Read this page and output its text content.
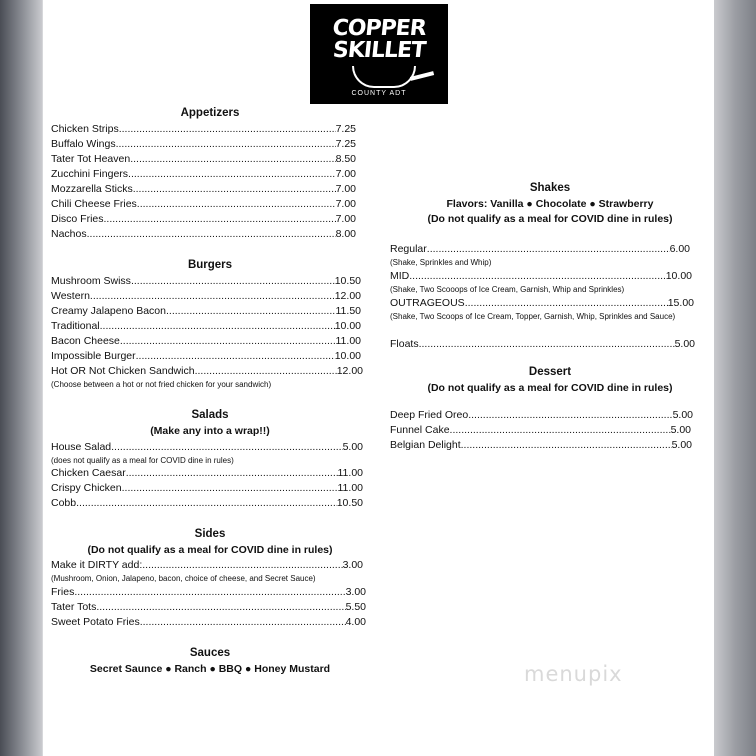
COPPER
SKILLET
COUNTY ADT
Appetizers
Chicken Strips .....	7.25
Buffalo Wings .....	7.25
Tater Tot Heaven .....	8.50
Zucchini Fingers .....	7.00
Mozzarella Sticks .....	7.00
Chili Cheese Fries .....	7.00
Disco Fries .....	7.00
Nachos .....	8.00
Burgers
Mushroom Swiss .....	10.50
Western .....	12.00
Creamy Jalapeno Bacon .....	11.50
Traditional .....	10.00
Bacon Cheese .....	11.00
Impossible Burger .....	10.00
Hot OR Not Chicken Sandwich .....	12.00
(Choose between a hot or not fried chicken for your sandwich)
Salads
(Make any into a wrap!!)
House Salad .....	5.00
(does not qualify as a meal for COVID dine in rules)
Chicken Caesar .....	11.00
Crispy Chicken .....	11.00
Cobb .....	10.50
Sides
(Do not qualify as a meal for COVID dine in rules)
Make it DIRTY add: .....	3.00
(Mushroom, Onion, Jalapeno, bacon, choice of cheese, and Secret Sauce)
Fries .....	3.00
Tater Tots .....	5.50
Sweet Potato Fries .....	4.00
Sauces
Secret Saunce ● Ranch ● BBQ ● Honey Mustard
Shakes
Flavors: Vanilla ● Chocolate ● Strawberry
(Do not qualify as a meal for COVID dine in rules)
Regular .....	6.00
(Shake, Sprinkles and Whip)
MID .....	10.00
(Shake, Two Scooops of Ice Cream, Garnish, Whip and Sprinkles)
OUTRAGEOUS .....	15.00
(Shake, Two Scoops of Ice Cream, Topper, Garnish, Whip, Sprinkles and Sauce)
Floats .....	5.00
Dessert
(Do not qualify as a meal for COVID dine in rules)
Deep Fried Oreo .....	5.00
Funnel Cake .....	5.00
Belgian Delight .....	5.00
menupix
